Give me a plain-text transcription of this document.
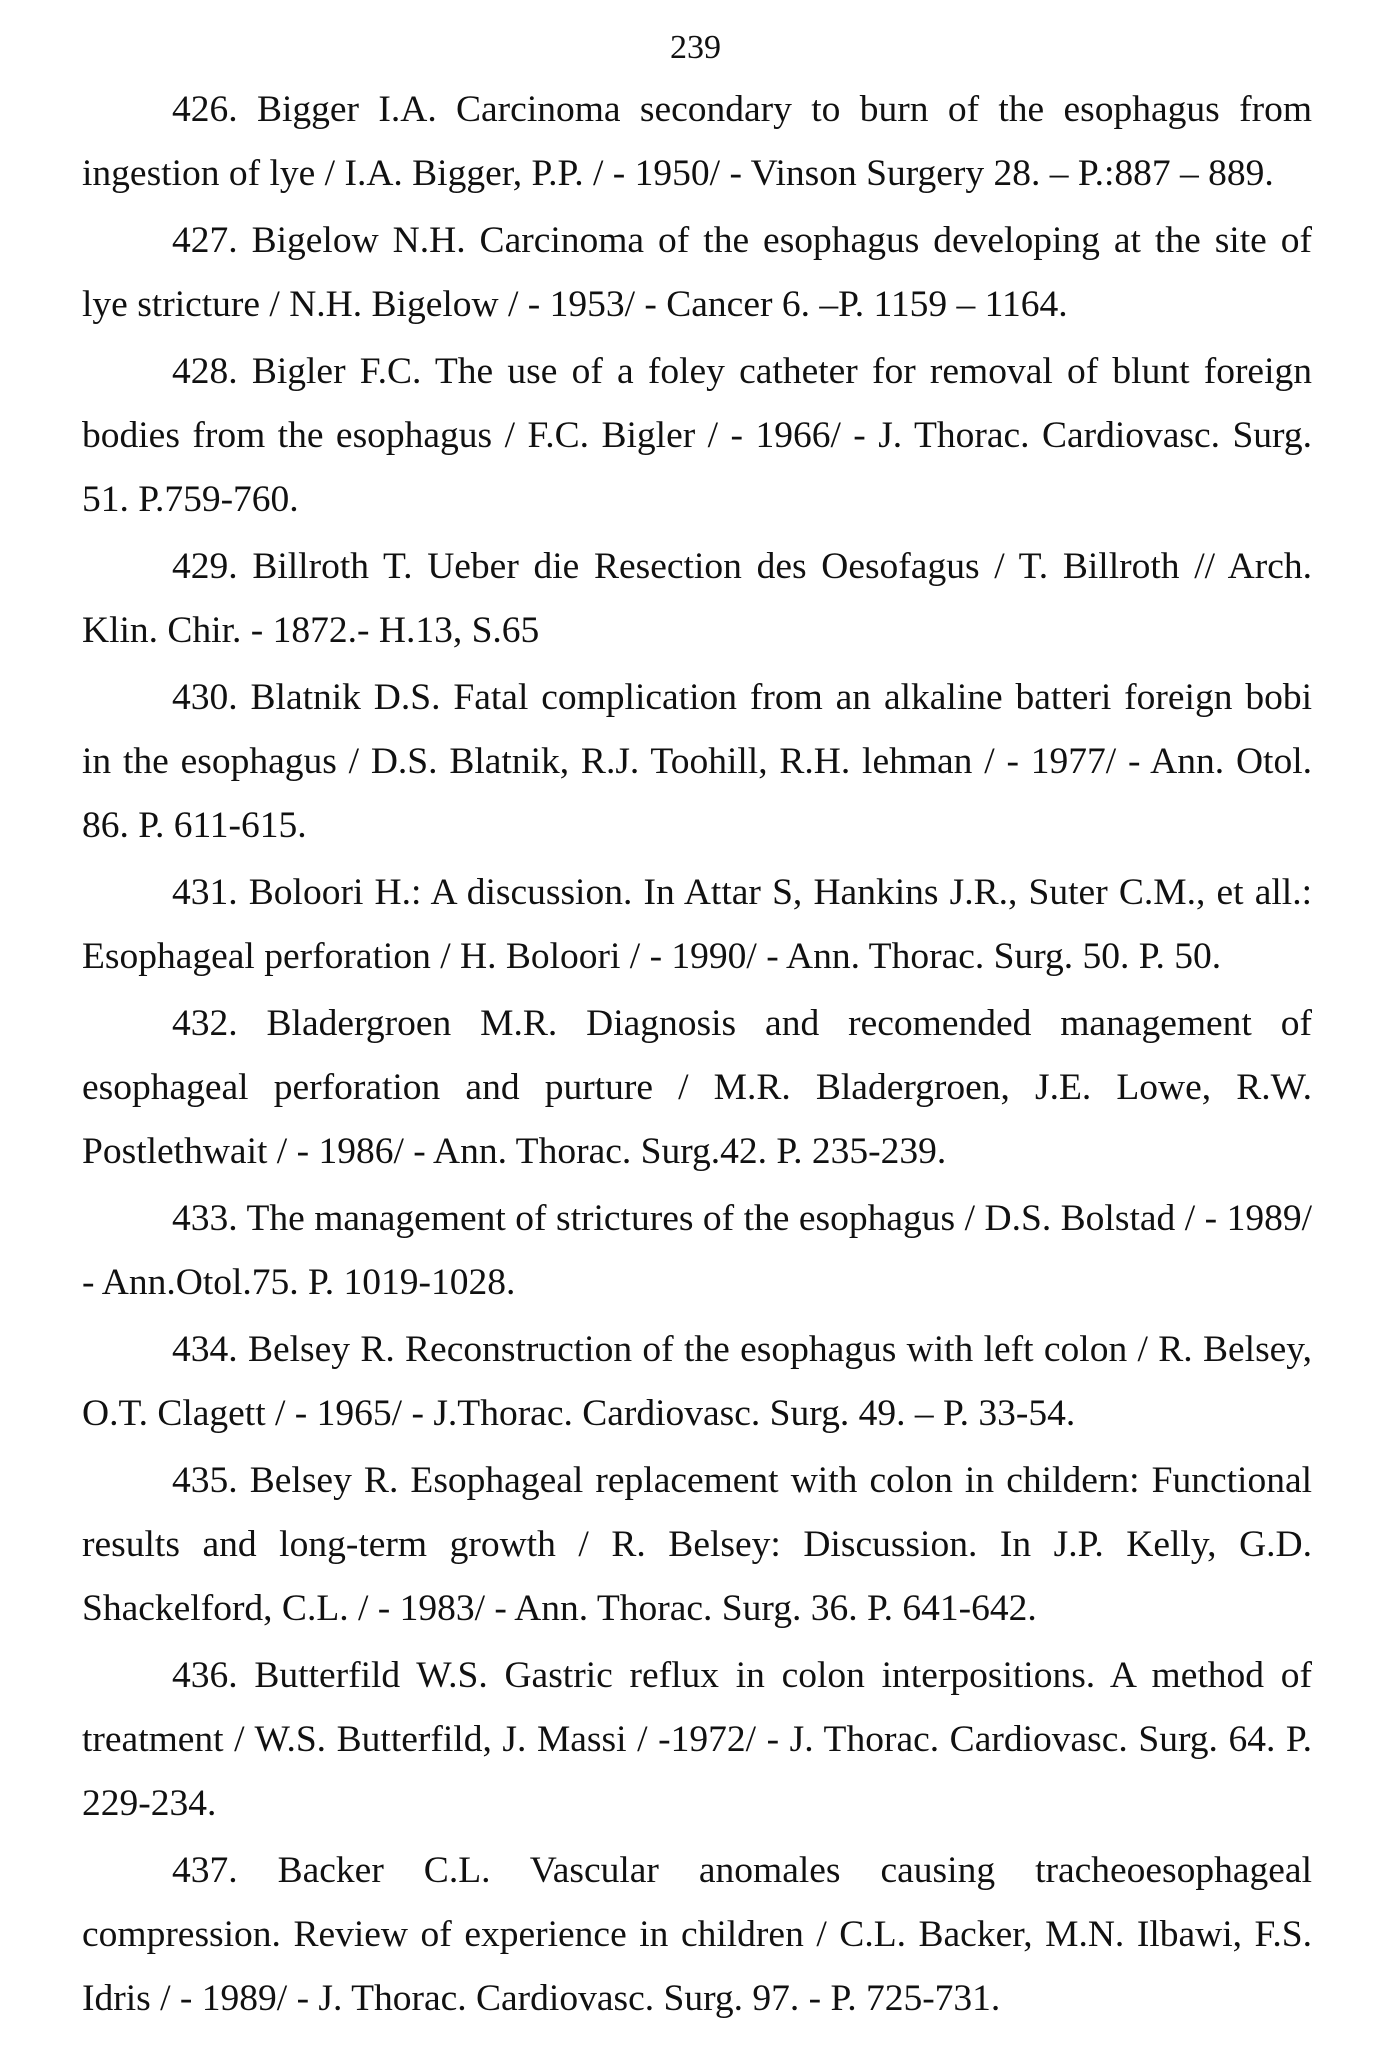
239

426. Bigger I.A. Carcinoma secondary to burn of the esophagus from ingestion of lye / I.A. Bigger, P.P. / - 1950/ - Vinson Surgery 28. – P.:887 – 889.

427. Bigelow N.H. Carcinoma of the esophagus developing at the site of lye stricture / N.H. Bigelow / - 1953/ - Cancer 6. –P. 1159 – 1164.

428. Bigler F.C. The use of a foley catheter for removal of blunt foreign bodies from the esophagus / F.C. Bigler / - 1966/ - J. Thorac. Cardiovasc. Surg. 51. P.759-760.

429. Billroth T. Ueber die Resection des Oesofagus / T. Billroth // Arch. Klin. Chir. - 1872.- H.13, S.65

430. Blatnik D.S. Fatal complication from an alkaline batteri foreign bobi in the esophagus / D.S. Blatnik, R.J. Toohill, R.H. lehman / - 1977/ - Ann. Otol. 86. P. 611-615.

431. Boloori H.: A discussion. In Attar S, Hankins J.R., Suter C.M., et all.: Esophageal perforation / H. Boloori / - 1990/ - Ann. Thorac. Surg. 50. P. 50.

432. Bladergroen M.R. Diagnosis and recomended management of esophageal perforation and purture / M.R. Bladergroen, J.E. Lowe, R.W. Postlethwait / - 1986/ - Ann. Thorac. Surg.42. P. 235-239.

433. The management of strictures of the esophagus / D.S. Bolstad / - 1989/ - Ann.Otol.75. P. 1019-1028.

434. Belsey R. Reconstruction of the esophagus with left colon / R. Belsey, O.T. Clagett / - 1965/ - J.Thorac. Cardiovasc. Surg. 49. – P. 33-54.

435. Belsey R. Esophageal replacement with colon in childern: Functional results and long-term growth / R. Belsey: Discussion. In J.P. Kelly, G.D. Shackelford, C.L. / - 1983/ - Ann. Thorac. Surg. 36. P. 641-642.

436. Butterfild W.S. Gastric reflux in colon interpositions. A method of treatment / W.S. Butterfild, J. Massi / -1972/ - J. Thorac. Cardiovasc. Surg. 64. P. 229-234.

437. Backer C.L. Vascular anomales causing tracheoesophageal compression. Review of experience in children / C.L. Backer, M.N. Ilbawi, F.S. Idris / - 1989/ - J. Thorac. Cardiovasc. Surg. 97. - P. 725-731.
